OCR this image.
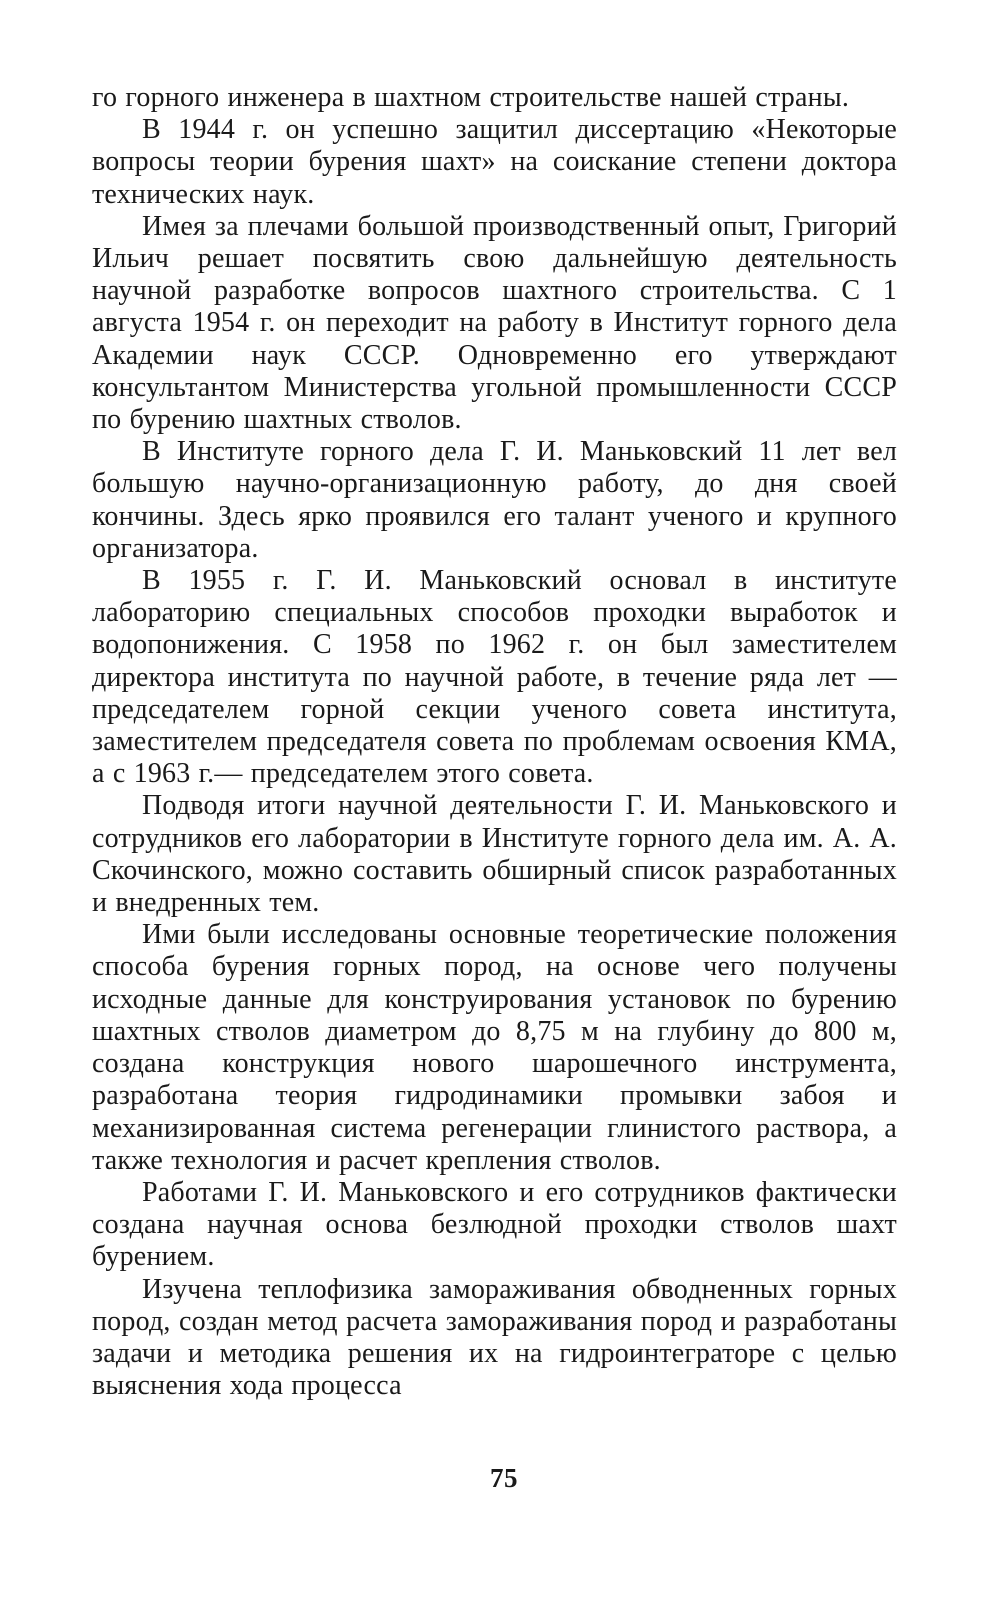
го горного инженера в шахтном строительстве нашей страны.

В 1944 г. он успешно защитил диссертацию «Некоторые вопросы теории бурения шахт» на соискание степени доктора технических наук.

Имея за плечами большой производственный опыт, Григорий Ильич решает посвятить свою дальнейшую деятельность научной разработке вопросов шахтного строительства. С 1 августа 1954 г. он переходит на работу в Институт горного дела Академии наук СССР. Одновременно его утверждают консультантом Министерства угольной промышленности СССР по бурению шахтных стволов.

В Институте горного дела Г. И. Маньковский 11 лет вел большую научно-организационную работу, до дня своей кончины. Здесь ярко проявился его талант ученого и крупного организатора.

В 1955 г. Г. И. Маньковский основал в институте лабораторию специальных способов проходки выработок и водопонижения. С 1958 по 1962 г. он был заместителем директора института по научной работе, в течение ряда лет — председателем горной секции ученого совета института, заместителем председателя совета по проблемам освоения КМА, а с 1963 г.— председателем этого совета.

Подводя итоги научной деятельности Г. И. Маньковского и сотрудников его лаборатории в Институте горного дела им. А. А. Скочинского, можно составить обширный список разработанных и внедренных тем.

Ими были исследованы основные теоретические положения способа бурения горных пород, на основе чего получены исходные данные для конструирования установок по бурению шахтных стволов диаметром до 8,75 м на глубину до 800 м, создана конструкция нового шарошечного инструмента, разработана теория гидродинамики промывки забоя и механизированная система регенерации глинистого раствора, а также технология и расчет крепления стволов.

Работами Г. И. Маньковского и его сотрудников фактически создана научная основа безлюдной проходки стволов шахт бурением.

Изучена теплофизика замораживания обводненных горных пород, создан метод расчета замораживания пород и разработаны задачи и методика решения их на гидроинтеграторе с целью выяснения хода процесса

75
